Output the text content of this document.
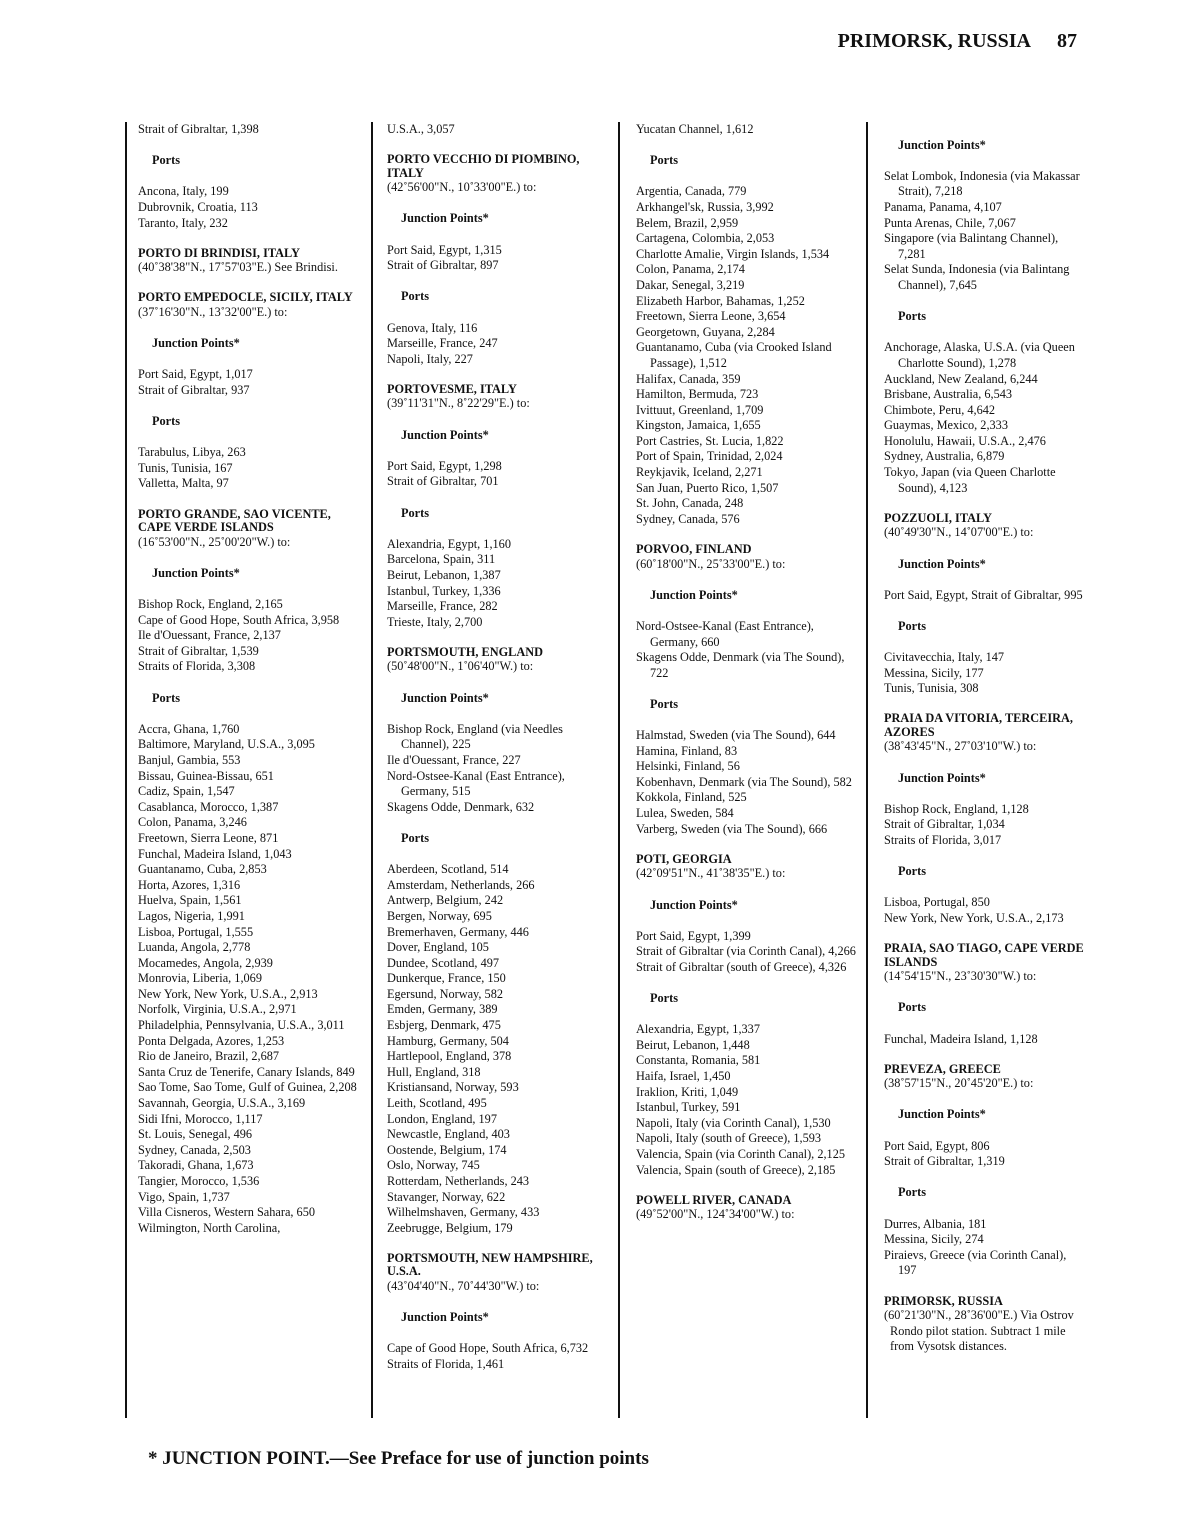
PRIMORSK, RUSSIA 87

Strait of Gibraltar, 1,398

Ports

Ancona, Italy, 199

Dubrovnik, Croatia, 113

Taranto, Italy, 232

PORTO DI BRINDISI, ITALY

(40˚38'38"N., 17˚57'03"E.) See Brindisi.

PORTO EMPEDOCLE, SICILY, ITALY

(37˚16'30"N., 13˚32'00"E.) to:

Junction Points*

Port Said, Egypt, 1,017

Strait of Gibraltar, 937

Ports

Tarabulus, Libya, 263

Tunis, Tunisia, 167

Valletta, Malta, 97

PORTO GRANDE, SAO VICENTE, CAPE VERDE ISLANDS

(16˚53'00"N., 25˚00'20"W.) to:

Junction Points*

Bishop Rock, England, 2,165

Cape of Good Hope, South Africa, 3,958

Ile d'Ouessant, France, 2,137

Strait of Gibraltar, 1,539

Straits of Florida, 3,308

Ports

Accra, Ghana, 1,760

Baltimore, Maryland, U.S.A., 3,095

Banjul, Gambia, 553

Bissau, Guinea-Bissau, 651

Cadiz, Spain, 1,547

Casablanca, Morocco, 1,387

Colon, Panama, 3,246

Freetown, Sierra Leone, 871

Funchal, Madeira Island, 1,043

Guantanamo, Cuba, 2,853

Horta, Azores, 1,316

Huelva, Spain, 1,561

Lagos, Nigeria, 1,991

Lisboa, Portugal, 1,555

Luanda, Angola, 2,778

Mocamedes, Angola, 2,939

Monrovia, Liberia, 1,069

New York, New York, U.S.A., 2,913

Norfolk, Virginia, U.S.A., 2,971

Philadelphia, Pennsylvania, U.S.A., 3,011

Ponta Delgada, Azores, 1,253

Rio de Janeiro, Brazil, 2,687

Santa Cruz de Tenerife, Canary Islands, 849

Sao Tome, Sao Tome, Gulf of Guinea, 2,208

Savannah, Georgia, U.S.A., 3,169

Sidi Ifni, Morocco, 1,117

St. Louis, Senegal, 496

Sydney, Canada, 2,503

Takoradi, Ghana, 1,673

Tangier, Morocco, 1,536

Vigo, Spain, 1,737

Villa Cisneros, Western Sahara, 650

Wilmington, North Carolina,

U.S.A., 3,057

PORTO VECCHIO DI PIOMBINO, ITALY

(42˚56'00"N., 10˚33'00"E.) to:

Junction Points*

Port Said, Egypt, 1,315

Strait of Gibraltar, 897

Ports

Genova, Italy, 116

Marseille, France, 247

Napoli, Italy, 227

PORTOVESME, ITALY

(39˚11'31"N., 8˚22'29"E.) to:

Junction Points*

Port Said, Egypt, 1,298

Strait of Gibraltar, 701

Ports

Alexandria, Egypt, 1,160

Barcelona, Spain, 311

Beirut, Lebanon, 1,387

Istanbul, Turkey, 1,336

Marseille, France, 282

Trieste, Italy, 2,700

PORTSMOUTH, ENGLAND

(50˚48'00"N., 1˚06'40"W.) to:

Junction Points*

Bishop Rock, England (via Needles Channel), 225

Ile d'Ouessant, France, 227

Nord-Ostsee-Kanal (East Entrance), Germany, 515

Skagens Odde, Denmark, 632

Ports

Aberdeen, Scotland, 514

Amsterdam, Netherlands, 266

Antwerp, Belgium, 242

Bergen, Norway, 695

Bremerhaven, Germany, 446

Dover, England, 105

Dundee, Scotland, 497

Dunkerque, France, 150

Egersund, Norway, 582

Emden, Germany, 389

Esbjerg, Denmark, 475

Hamburg, Germany, 504

Hartlepool, England, 378

Hull, England, 318

Kristiansand, Norway, 593

Leith, Scotland, 495

London, England, 197

Newcastle, England, 403

Oostende, Belgium, 174

Oslo, Norway, 745

Rotterdam, Netherlands, 243

Stavanger, Norway, 622

Wilhelmshaven, Germany, 433

Zeebrugge, Belgium, 179

PORTSMOUTH, NEW HAMPSHIRE, U.S.A.

(43˚04'40"N., 70˚44'30"W.) to:

Junction Points*

Cape of Good Hope, South Africa, 6,732

Straits of Florida, 1,461

Yucatan Channel, 1,612

Ports

Argentia, Canada, 779

Arkhangel'sk, Russia, 3,992

Belem, Brazil, 2,959

Cartagena, Colombia, 2,053

Charlotte Amalie, Virgin Islands, 1,534

Colon, Panama, 2,174

Dakar, Senegal, 3,219

Elizabeth Harbor, Bahamas, 1,252

Freetown, Sierra Leone, 3,654

Georgetown, Guyana, 2,284

Guantanamo, Cuba (via Crooked Island Passage), 1,512

Halifax, Canada, 359

Hamilton, Bermuda, 723

Ivittuut, Greenland, 1,709

Kingston, Jamaica, 1,655

Port Castries, St. Lucia, 1,822

Port of Spain, Trinidad, 2,024

Reykjavik, Iceland, 2,271

San Juan, Puerto Rico, 1,507

St. John, Canada, 248

Sydney, Canada, 576

PORVOO, FINLAND

(60˚18'00"N., 25˚33'00"E.) to:

Junction Points*

Nord-Ostsee-Kanal (East Entrance), Germany, 660

Skagens Odde, Denmark (via The Sound), 722

Ports

Halmstad, Sweden (via The Sound), 644

Hamina, Finland, 83

Helsinki, Finland, 56

Kobenhavn, Denmark (via The Sound), 582

Kokkola, Finland, 525

Lulea, Sweden, 584

Varberg, Sweden (via The Sound), 666

POTI, GEORGIA

(42˚09'51"N., 41˚38'35"E.) to:

Junction Points*

Port Said, Egypt, 1,399

Strait of Gibraltar (via Corinth Canal), 4,266

Strait of Gibraltar (south of Greece), 4,326

Ports

Alexandria, Egypt, 1,337

Beirut, Lebanon, 1,448

Constanta, Romania, 581

Haifa, Israel, 1,450

Iraklion, Kriti, 1,049

Istanbul, Turkey, 591

Napoli, Italy (via Corinth Canal), 1,530

Napoli, Italy (south of Greece), 1,593

Valencia, Spain (via Corinth Canal), 2,125

Valencia, Spain (south of Greece), 2,185

POWELL RIVER, CANADA

(49˚52'00"N., 124˚34'00"W.) to:

Junction Points*

Selat Lombok, Indonesia (via Makassar Strait), 7,218

Panama, Panama, 4,107

Punta Arenas, Chile, 7,067

Singapore (via Balintang Channel), 7,281

Selat Sunda, Indonesia (via Balintang Channel), 7,645

Ports

Anchorage, Alaska, U.S.A. (via Queen Charlotte Sound), 1,278

Auckland, New Zealand, 6,244

Brisbane, Australia, 6,543

Chimbote, Peru, 4,642

Guaymas, Mexico, 2,333

Honolulu, Hawaii, U.S.A., 2,476

Sydney, Australia, 6,879

Tokyo, Japan (via Queen Charlotte Sound), 4,123

POZZUOLI, ITALY

(40˚49'30"N., 14˚07'00"E.) to:

Junction Points*

Port Said, Egypt, Strait of Gibraltar, 995

Ports

Civitavecchia, Italy, 147

Messina, Sicily, 177

Tunis, Tunisia, 308

PRAIA DA VITORIA, TERCEIRA, AZORES

(38˚43'45"N., 27˚03'10"W.) to:

Junction Points*

Bishop Rock, England, 1,128

Strait of Gibraltar, 1,034

Straits of Florida, 3,017

Ports

Lisboa, Portugal, 850

New York, New York, U.S.A., 2,173

PRAIA, SAO TIAGO, CAPE VERDE ISLANDS

(14˚54'15"N., 23˚30'30"W.) to:

Ports

Funchal, Madeira Island, 1,128

PREVEZA, GREECE

(38˚57'15"N., 20˚45'20"E.) to:

Junction Points*

Port Said, Egypt, 806

Strait of Gibraltar, 1,319

Ports

Durres, Albania, 181

Messina, Sicily, 274

Piraievs, Greece (via Corinth Canal), 197

PRIMORSK, RUSSIA

(60˚21'30"N., 28˚36'00"E.) Via Ostrov Rondo pilot station. Subtract 1 mile from Vysotsk distances.

* JUNCTION POINT.—See Preface for use of junction points
